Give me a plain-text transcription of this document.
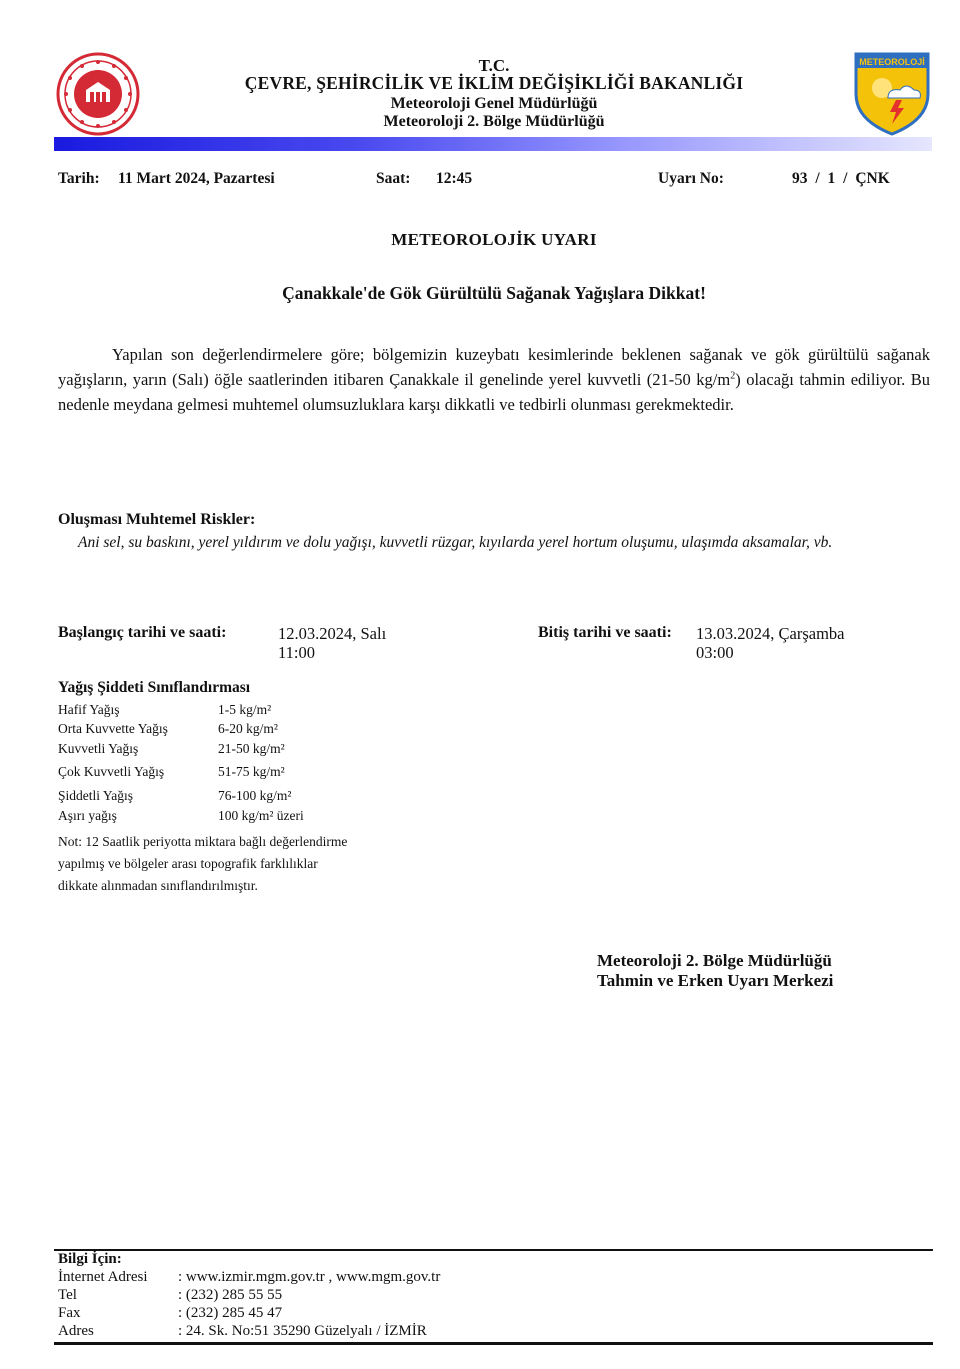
METEOROLOJİ
T.C.
ÇEVRE, ŞEHİRCİLİK VE İKLİM DEĞİŞİKLİĞİ BAKANLIĞI
Meteoroloji Genel Müdürlüğü
Meteoroloji 2. Bölge Müdürlüğü
Tarih: 11 Mart 2024, Pazartesi	Saat: 12:45	Uyarı No:	93 / 1 / ÇNK
METEOROLOJİK UYARI
Çanakkale'de Gök Gürültülü Sağanak Yağışlara Dikkat!
Yapılan son değerlendirmelere göre; bölgemizin kuzeybatı kesimlerinde beklenen sağanak ve gök gürültülü sağanak yağışların, yarın (Salı) öğle saatlerinden itibaren Çanakkale il genelinde yerel kuvvetli (21-50 $kg/m^2$) olacağı tahmin ediliyor. Bu nedenle meydana gelmesi muhtemel olumsuzluklara karşı dikkatli ve tedbirli olunması gerekmektedir.
Oluşması Muhtemel Riskler:
Ani sel, su baskını, yerel yıldırım ve dolu yağışı, kuvvetli rüzgar, kıyılarda yerel hortum oluşumu, ulaşımda aksamalar, vb.
Başlangıç tarihi ve saati:	12.03.2024, Salı
11:00
Bitiş tarihi ve saati: 13.03.2024, Çarşamba
03:00
Yağış Şiddeti Sınıflandırması
Hafif Yağış	1-5 kg/m²
Orta Kuvvette Yağış	6-20 kg/m²
Kuvvetli Yağış	21-50 kg/m²
Çok Kuvvetli Yağış	51-75 kg/m²
Şiddetli Yağış	76-100 kg/m²
Aşırı yağış	100 kg/m² üzeri
Not: 12 Saatlik periyotta miktara bağlı değerlendirme
yapılmış ve bölgeler arası topografik farklılıklar
dikkate alınmadan sınıflandırılmıştır.
Meteoroloji 2. Bölge Müdürlüğü
Tahmin ve Erken Uyarı Merkezi
Bilgi İçin:
İnternet Adresi : www.izmir.mgm.gov.tr , www.mgm.gov.tr
Tel	: (232) 285 55 55
Fax	: (232) 285 45 47
Adres	: 24. Sk. No:51 35290 Güzelyalı / İZMİR
